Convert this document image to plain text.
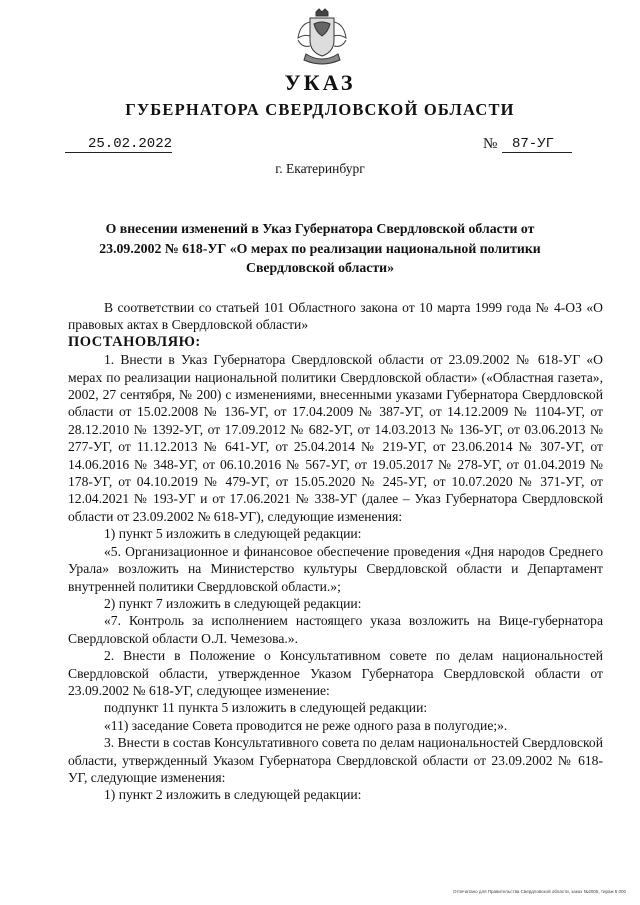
УКАЗ
ГУБЕРНАТОРА СВЕРДЛОВСКОЙ ОБЛАСТИ
25.02.2022	№ 87-УГ
г. Екатеринбург
О внесении изменений в Указ Губернатора Свердловской области от 23.09.2002 № 618-УГ «О мерах по реализации национальной политики Свердловской области»

В соответствии со статьей 101 Областного закона от 10 марта 1999 года № 4-ОЗ «О правовых актах в Свердловской области»

ПОСТАНОВЛЯЮ:

1. Внести в Указ Губернатора Свердловской области от 23.09.2002 № 618-УГ «О мерах по реализации национальной политики Свердловской области» («Областная газета», 2002, 27 сентября, № 200) с изменениями, внесенными указами Губернатора Свердловской области от 15.02.2008 № 136-УГ, от 17.04.2009 № 387-УГ, от 14.12.2009 № 1104-УГ, от 28.12.2010 № 1392-УГ, от 17.09.2012 № 682-УГ, от 14.03.2013 № 136-УГ, от 03.06.2013 № 277-УГ, от 11.12.2013 № 641-УГ, от 25.04.2014 № 219-УГ, от 23.06.2014 № 307-УГ, от 14.06.2016 № 348-УГ, от 06.10.2016 № 567-УГ, от 19.05.2017 № 278-УГ, от 01.04.2019 № 178-УГ, от 04.10.2019 № 479-УГ, от 15.05.2020 № 245-УГ, от 10.07.2020 № 371-УГ, от 12.04.2021 № 193-УГ и от 17.06.2021 № 338-УГ (далее – Указ Губернатора Свердловской области от 23.09.2002 № 618-УГ), следующие изменения:

1) пункт 5 изложить в следующей редакции:

«5. Организационное и финансовое обеспечение проведения «Дня народов Среднего Урала» возложить на Министерство культуры Свердловской области и Департамент внутренней политики Свердловской области.»;

2) пункт 7 изложить в следующей редакции:

«7. Контроль за исполнением настоящего указа возложить на Вице-губернатора Свердловской области О.Л. Чемезова.».

2. Внести в Положение о Консультативном совете по делам национальностей Свердловской области, утвержденное Указом Губернатора Свердловской области от 23.09.2002 № 618-УГ, следующее изменение:

подпункт 11 пункта 5 изложить в следующей редакции:

«11) заседание Совета проводится не реже одного раза в полугодие;».

3. Внести в состав Консультативного совета по делам национальностей Свердловской области, утвержденный Указом Губернатора Свердловской области от 23.09.2002 № 618-УГ, следующие изменения:

1) пункт 2 изложить в следующей редакции:

Отпечатано для Правительства Свердловской области, заказ №2005, тираж 6 000
